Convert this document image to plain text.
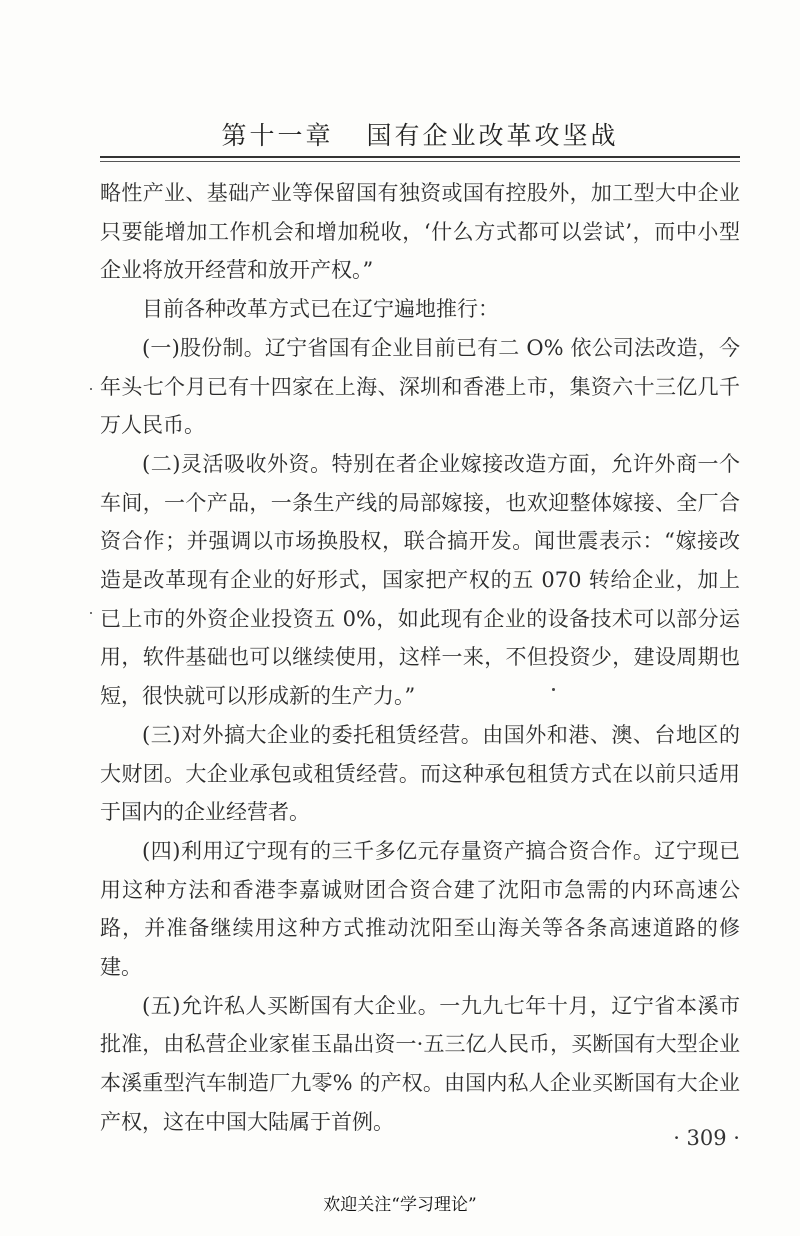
第十一章 国有企业改革攻坚战

略性产业、基础产业等保留国有独资或国有控股外，加工型大中企业只要能增加工作机会和增加税收，‘什么方式都可以尝试’，而中小型企业将放开经营和放开产权。”

目前各种改革方式已在辽宁遍地推行：

(一)股份制。辽宁省国有企业目前已有二 O% 依公司法改造，今年头七个月已有十四家在上海、深圳和香港上市，集资六十三亿几千万人民币。

(二)灵活吸收外资。特别在者企业嫁接改造方面，允许外商一个车间，一个产品，一条生产线的局部嫁接，也欢迎整体嫁接、全厂合资合作；并强调以市场换股权，联合搞开发。闻世震表示：“嫁接改造是改革现有企业的好形式，国家把产权的五 070 转给企业，加上已上市的外资企业投资五 0%，如此现有企业的设备技术可以部分运用，软件基础也可以继续使用，这样一来，不但投资少，建设周期也短，很快就可以形成新的生产力。”

(三)对外搞大企业的委托租赁经营。由国外和港、澳、台地区的大财团。大企业承包或租赁经营。而这种承包租赁方式在以前只适用于国内的企业经营者。

(四)利用辽宁现有的三千多亿元存量资产搞合资合作。辽宁现已用这种方法和香港李嘉诚财团合资合建了沈阳市急需的内环高速公路，并准备继续用这种方式推动沈阳至山海关等各条高速道路的修建。

(五)允许私人买断国有大企业。一九九七年十月，辽宁省本溪市批准，由私营企业家崔玉晶出资一·五三亿人民币，买断国有大型企业本溪重型汽车制造厂九零% 的产权。由国内私人企业买断国有大企业产权，这在中国大陆属于首例。

· 309 ·
欢迎关注“学习理论”
